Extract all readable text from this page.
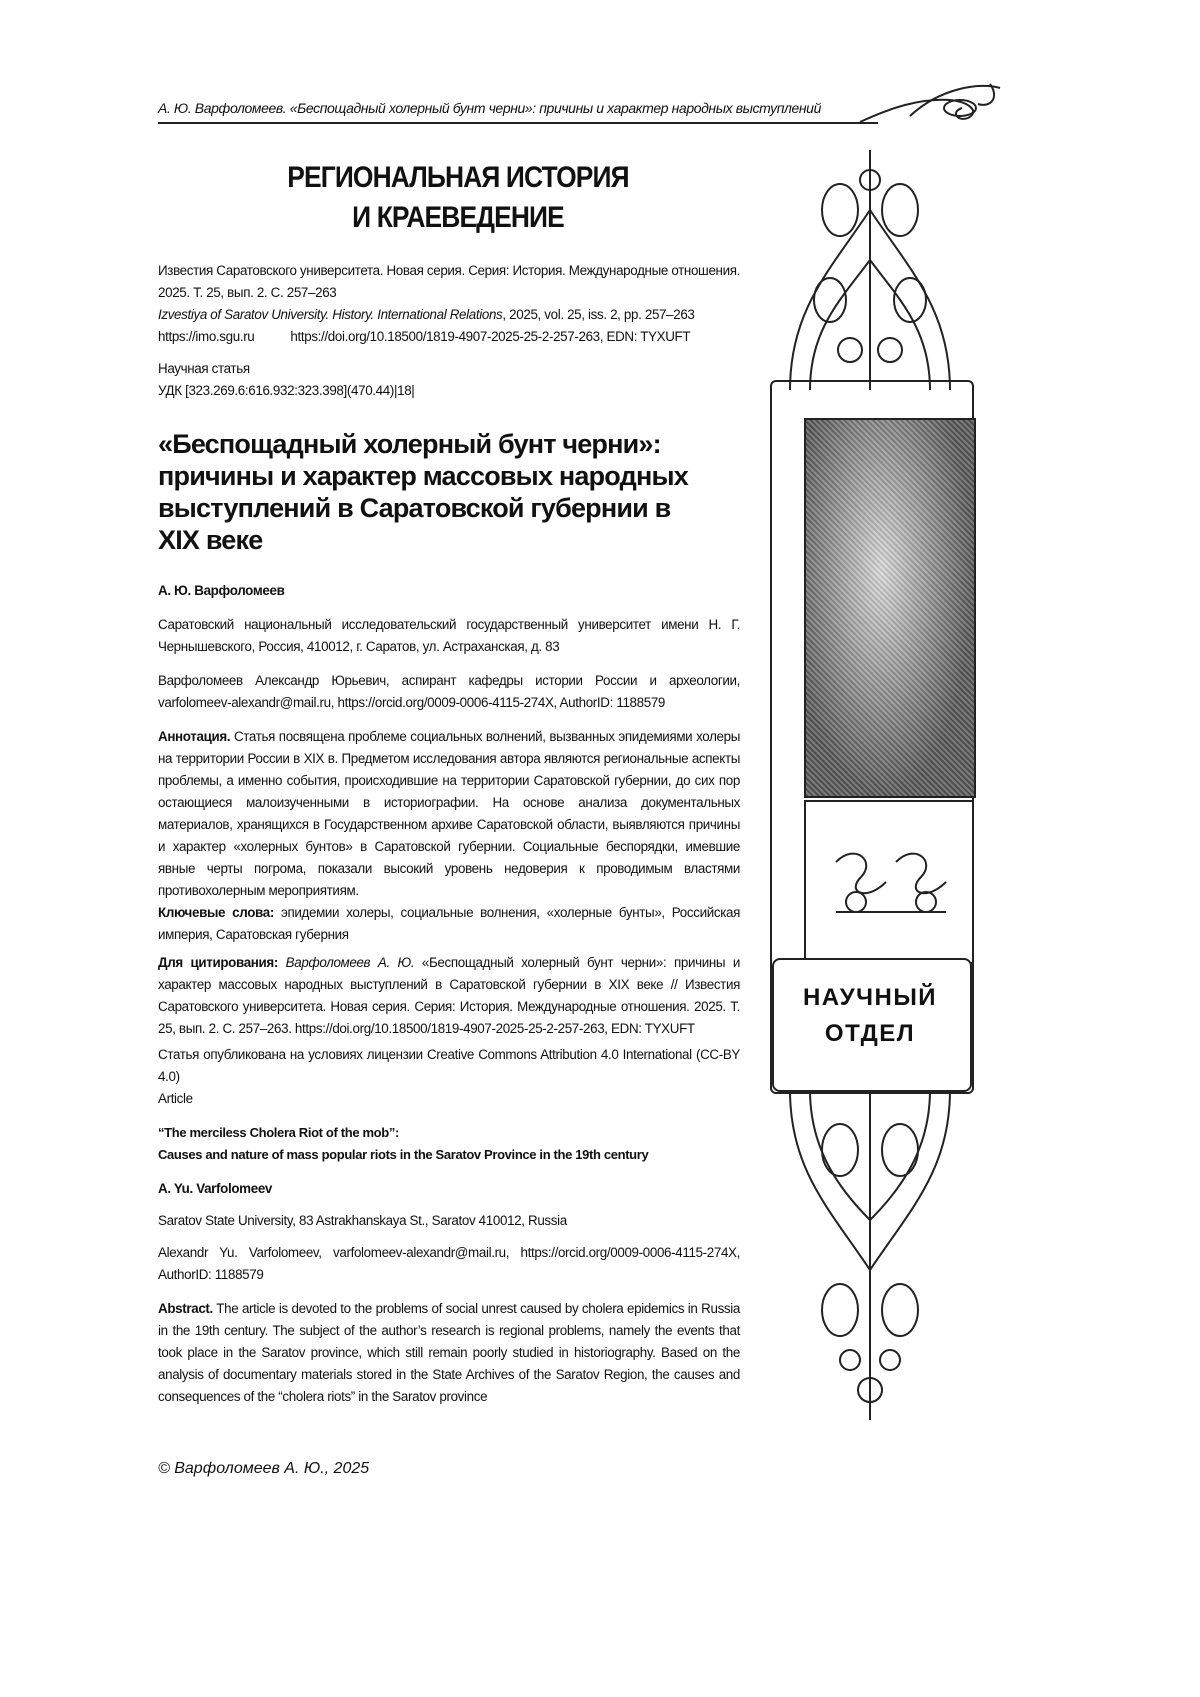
А. Ю. Варфоломеев. «Беспощадный холерный бунт черни»: причины и характер народных выступлений
РЕГИОНАЛЬНАЯ ИСТОРИЯ
И КРАЕВЕДЕНИЕ

Известия Саратовского университета. Новая серия. Серия: История. Международные отношения. 2025. Т. 25, вып. 2. С. 257–263

Izvestiya of Saratov University. History. International Relations, 2025, vol. 25, iss. 2, pp. 257–263

https://imo.sgu.ru	https://doi.org/10.18500/1819-4907-2025-25-2-257-263, EDN: TYXUFT

Научная статья

УДК [323.269.6:616.932:323.398](470.44)|18|

«Беспощадный холерный бунт черни»: причины и характер массовых народных выступлений в Саратовской губернии в XIX веке
А. Ю. Варфоломеев

Саратовский национальный исследовательский государственный университет имени Н. Г. Чернышевского, Россия, 410012, г. Саратов, ул. Астраханская, д. 83

Варфоломеев Александр Юрьевич, аспирант кафедры истории России и археологии, varfolomeev-alexandr@mail.ru, https://orcid.org/0009-0006-4115-274X, AuthorID: 1188579

Аннотация. Статья посвящена проблеме социальных волнений, вызванных эпидемиями холеры на территории России в XIX в. Предметом исследования автора являются региональные аспекты проблемы, а именно события, происходившие на территории Саратовской губернии, до сих пор остающиеся малоизученными в историографии. На основе анализа документальных материалов, хранящихся в Государственном архиве Саратовской области, выявляются причины и характер «холерных бунтов» в Саратовской губернии. Социальные беспорядки, имевшие явные черты погрома, показали высокий уровень недоверия к проводимым властями противохолерным мероприятиям.

Ключевые слова: эпидемии холеры, социальные волнения, «холерные бунты», Российская империя, Саратовская губерния

Для цитирования: Варфоломеев А. Ю. «Беспощадный холерный бунт черни»: причины и характер массовых народных выступлений в Саратовской губернии в XIX веке // Известия Саратовского университета. Новая серия. Серия: История. Международные отношения. 2025. Т. 25, вып. 2. С. 257–263. https://doi.org/10.18500/1819-4907-2025-25-2-257-263, EDN: TYXUFT

Статья опубликована на условиях лицензии Creative Commons Attribution 4.0 International (CC-BY 4.0)

Article
“The merciless Cholera Riot of the mob”:
Causes and nature of mass popular riots in the Saratov Province in the 19th century
A. Yu. Varfolomeev
Saratov State University, 83 Astrakhanskaya St., Saratov 410012, Russia

Alexandr Yu. Varfolomeev, varfolomeev-alexandr@mail.ru, https://orcid.org/0009-0006-4115-274X, AuthorID: 1188579

Abstract. The article is devoted to the problems of social unrest caused by cholera epidemics in Russia in the 19th century. The subject of the author’s research is regional problems, namely the events that took place in the Saratov province, which still remain poorly studied in historiography. Based on the analysis of documentary materials stored in the State Archives of the Saratov Region, the causes and consequences of the “cholera riots” in the Saratov province

© Варфоломеев А. Ю., 2025
НАУЧНЫЙ
ОТДЕЛ
